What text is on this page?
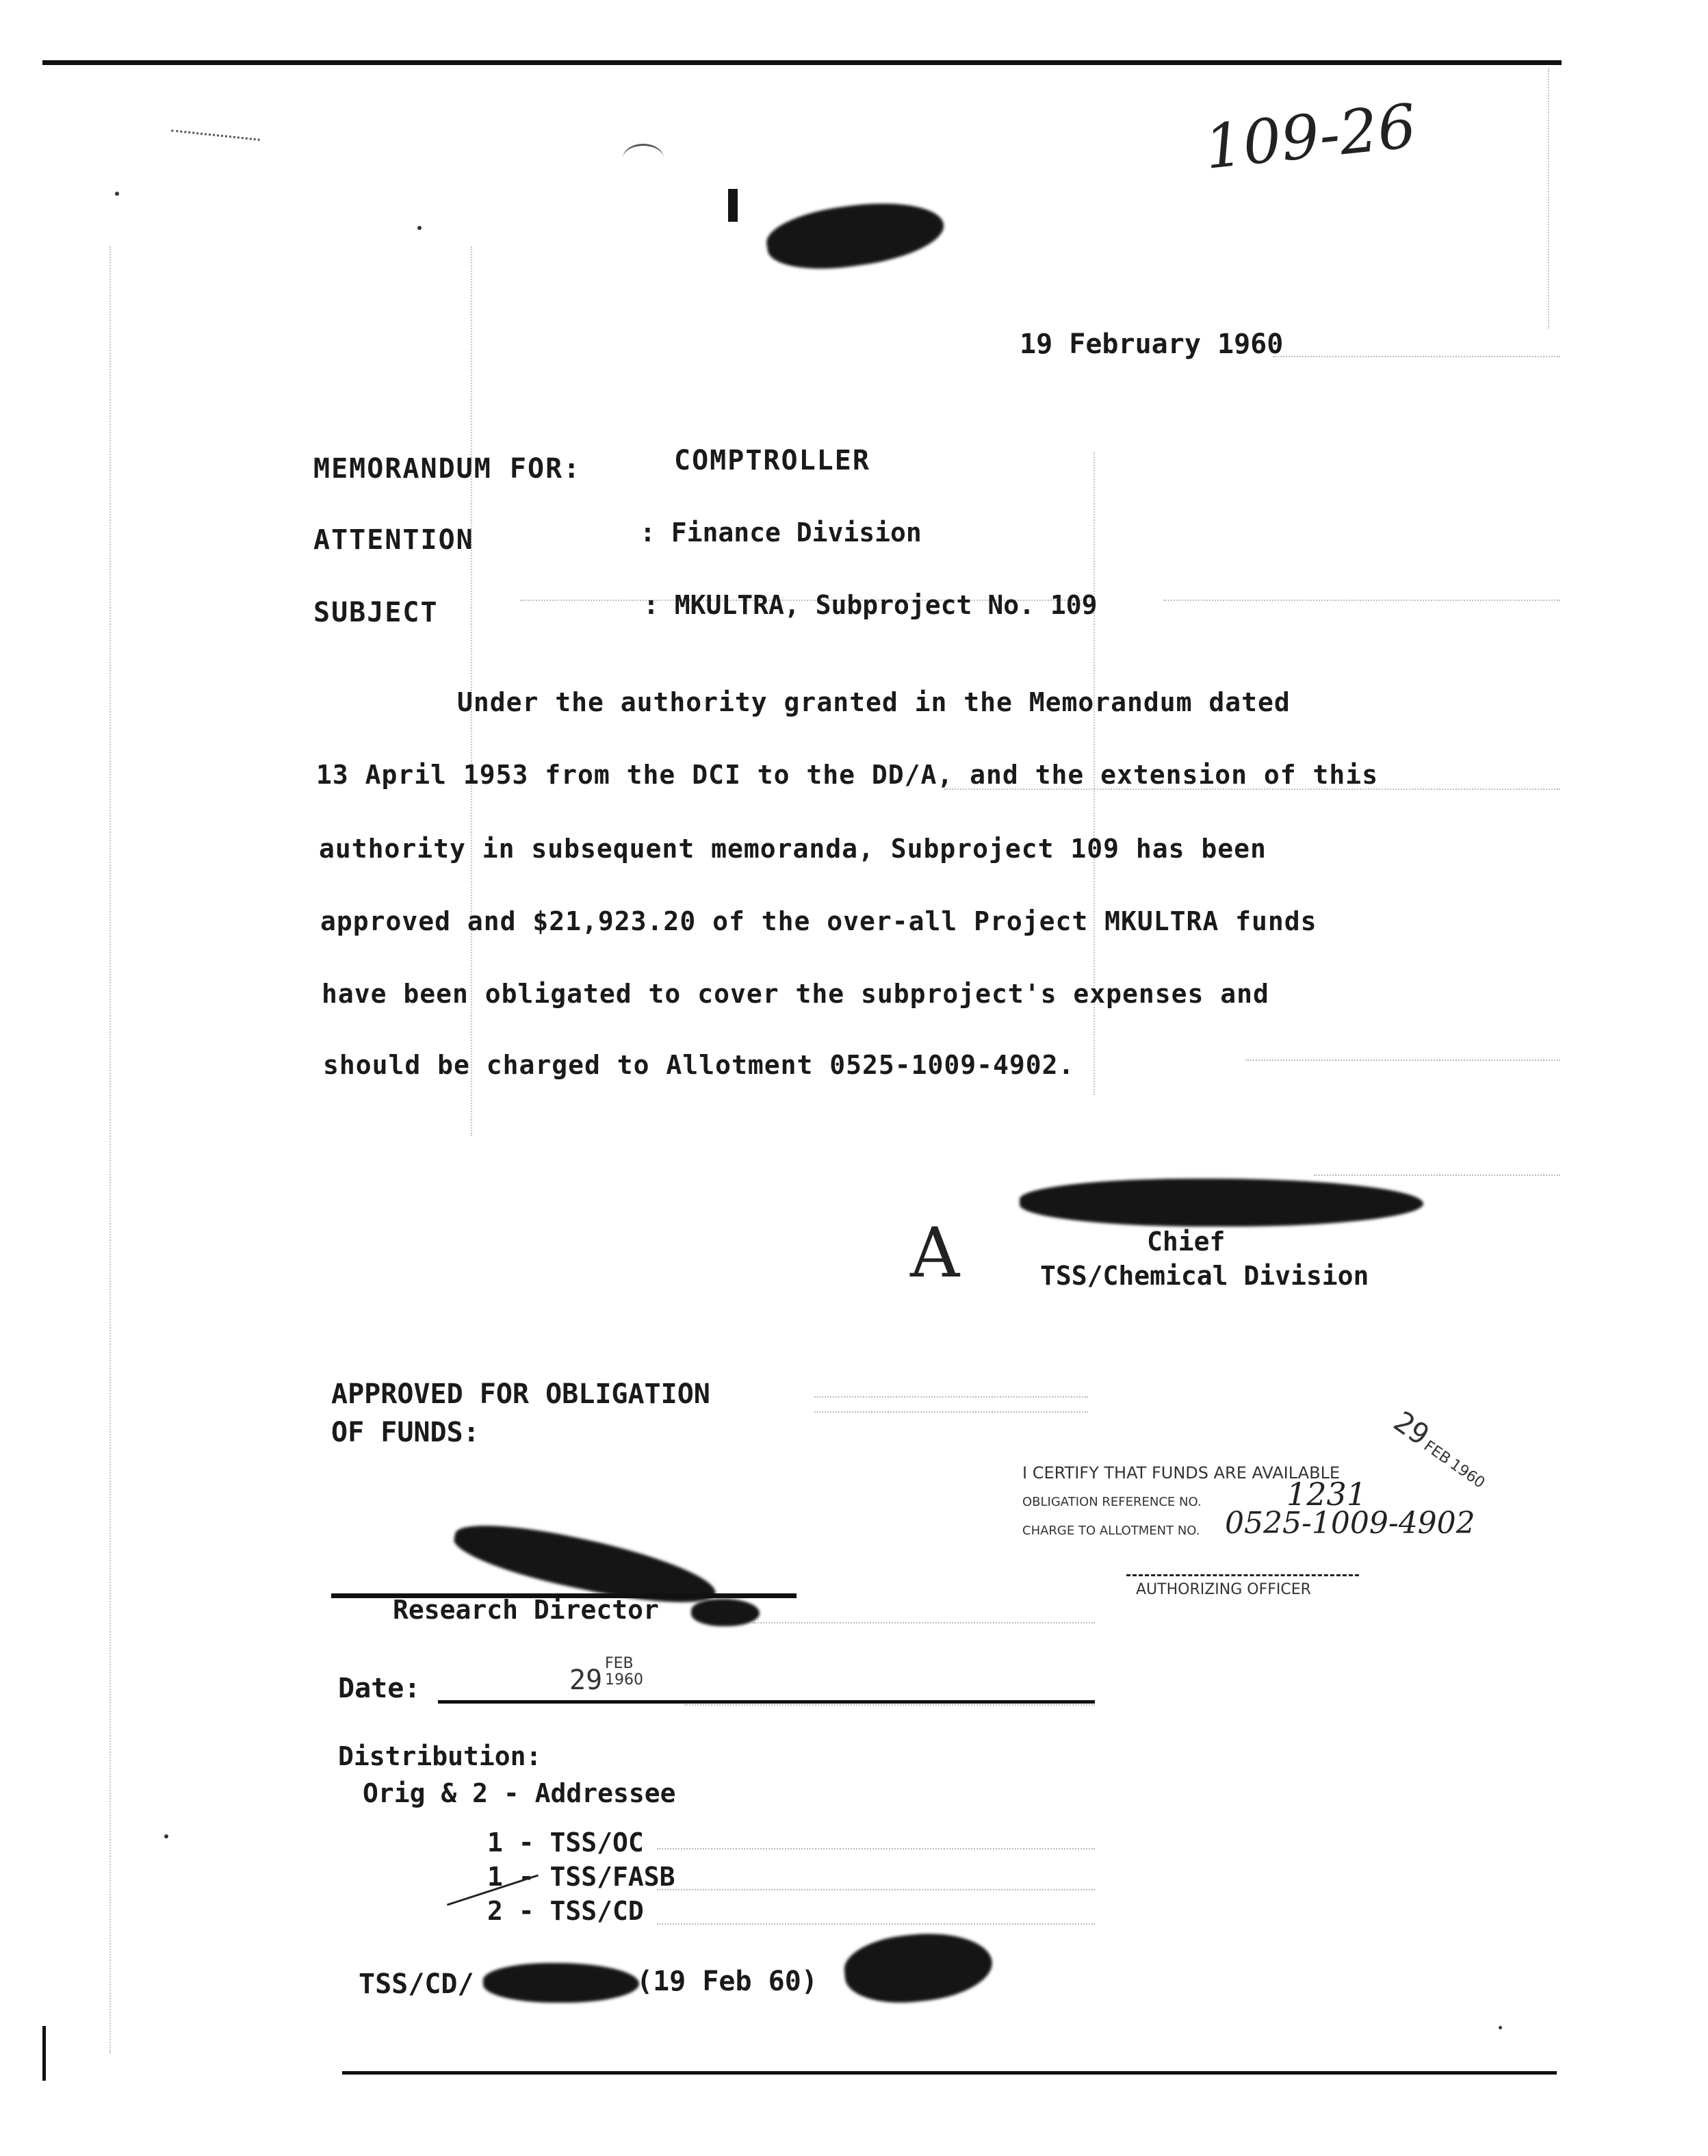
109-26
19 February 1960
MEMORANDUM FOR:	COMPTROLLER
ATTENTION	: Finance Division
SUBJECT	: MKULTRA, Subproject No. 109
Under the authority granted in the Memorandum dated
13 April 1953 from the DCI to the DD/A, and the extension of this
authority in subsequent memoranda, Subproject 109 has been
approved and $21,923.20 of the over-all Project MKULTRA funds
have been obligated to cover the subproject's expenses and
should be charged to Allotment 0525-1009-4902.
A	Chief
TSS/Chemical Division
APPROVED FOR OBLIGATION
OF FUNDS:
Research Director
Date:	29
FEB
1960
I CERTIFY THAT FUNDS ARE AVAILABLE
OBLIGATION REFERENCE NO.	1231
CHARGE TO ALLOTMENT NO. 0525-1009-4902
AUTHORIZING OFFICER
29 FEB 1960
Distribution:
Orig & 2 - Addressee
1 - TSS/OC
1 - TSS/FASB
2 - TSS/CD
TSS/CD/	(19 Feb 60)
